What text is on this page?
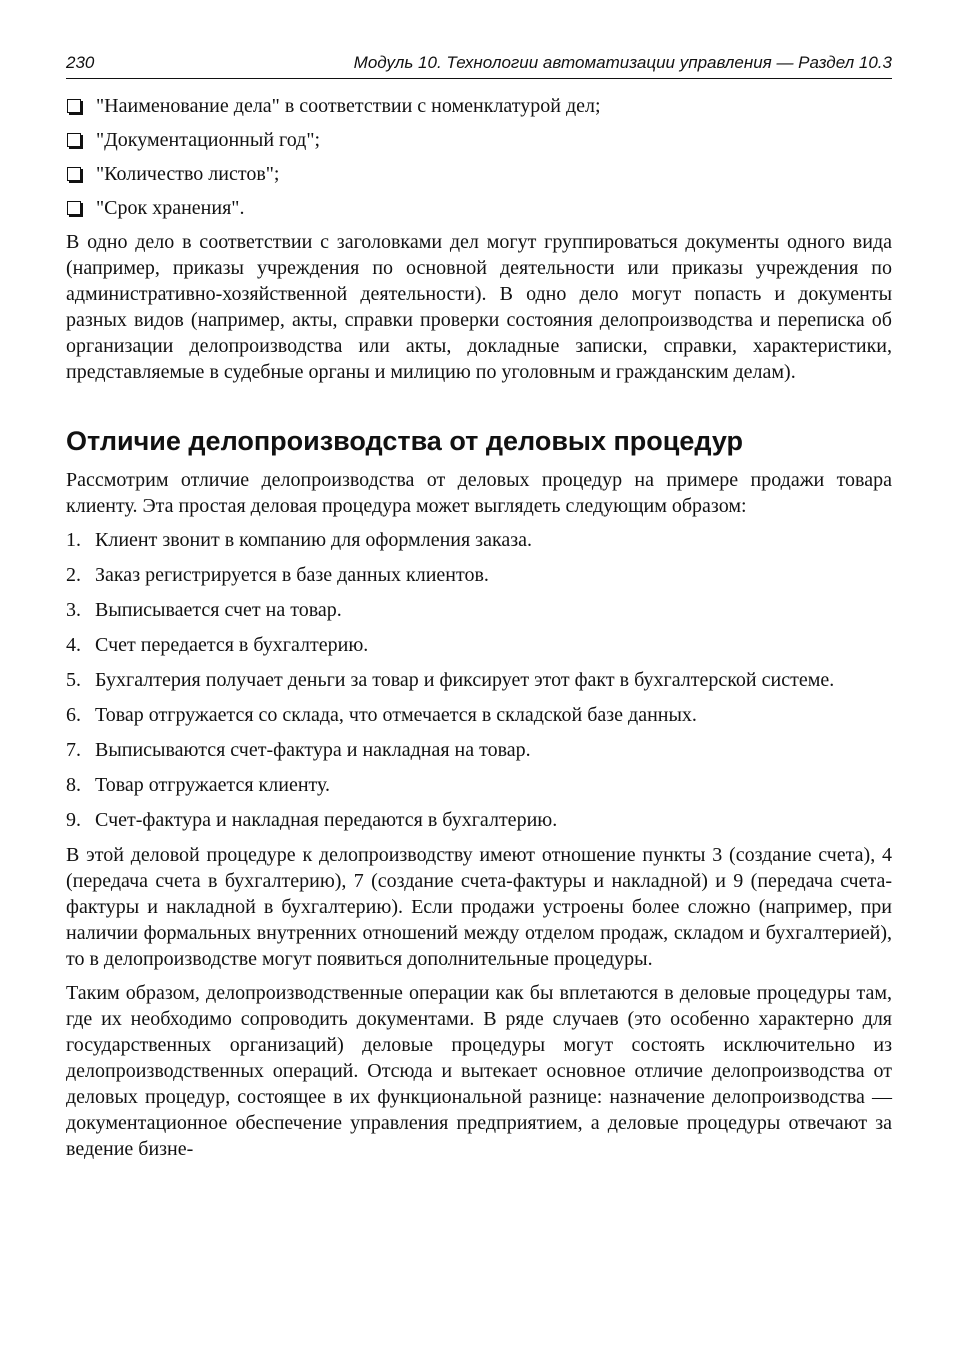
230	Модуль 10. Технологии автоматизации управления — Раздел 10.3
"Наименование дела" в соответствии с номенклатурой дел;
"Документационный год";
"Количество листов";
"Срок хранения".

В одно дело в соответствии с заголовками дел могут группироваться документы одного вида (например, приказы учреждения по основной деятельности или приказы учреждения по административно-хозяйственной деятельности). В одно дело могут попасть и документы разных видов (например, акты, справки проверки состояния делопроизводства и переписка об организации делопроизводства или акты, докладные записки, справки, характеристики, представляемые в судебные органы и милицию по уголовным и гражданским делам).

Отличие делопроизводства от деловых процедур

Рассмотрим отличие делопроизводства от деловых процедур на примере продажи товара клиенту. Эта простая деловая процедура может выглядеть следующим образом:

1. Клиент звонит в компанию для оформления заказа.
2. Заказ регистрируется в базе данных клиентов.
3. Выписывается счет на товар.
4. Счет передается в бухгалтерию.
5. Бухгалтерия получает деньги за товар и фиксирует этот факт в бухгалтерской системе.
6. Товар отгружается со склада, что отмечается в складской базе данных.
7. Выписываются счет-фактура и накладная на товар.
8. Товар отгружается клиенту.
9. Счет-фактура и накладная передаются в бухгалтерию.

В этой деловой процедуре к делопроизводству имеют отношение пункты 3 (создание счета), 4 (передача счета в бухгалтерию), 7 (создание счета-фактуры и накладной) и 9 (передача счета-фактуры и накладной в бухгалтерию). Если продажи устроены более сложно (например, при наличии формальных внутренних отношений между отделом продаж, складом и бухгалтерией), то в делопроизводстве могут появиться дополнительные процедуры.

Таким образом, делопроизводственные операции как бы вплетаются в деловые процедуры там, где их необходимо сопроводить документами. В ряде случаев (это особенно характерно для государственных организаций) деловые процедуры могут состоять исключительно из делопроизводственных операций. Отсюда и вытекает основное отличие делопроизводства от деловых процедур, состоящее в их функциональной разнице: назначение делопроизводства — документационное обеспечение управления предприятием, а деловые процедуры отвечают за ведение бизне-
